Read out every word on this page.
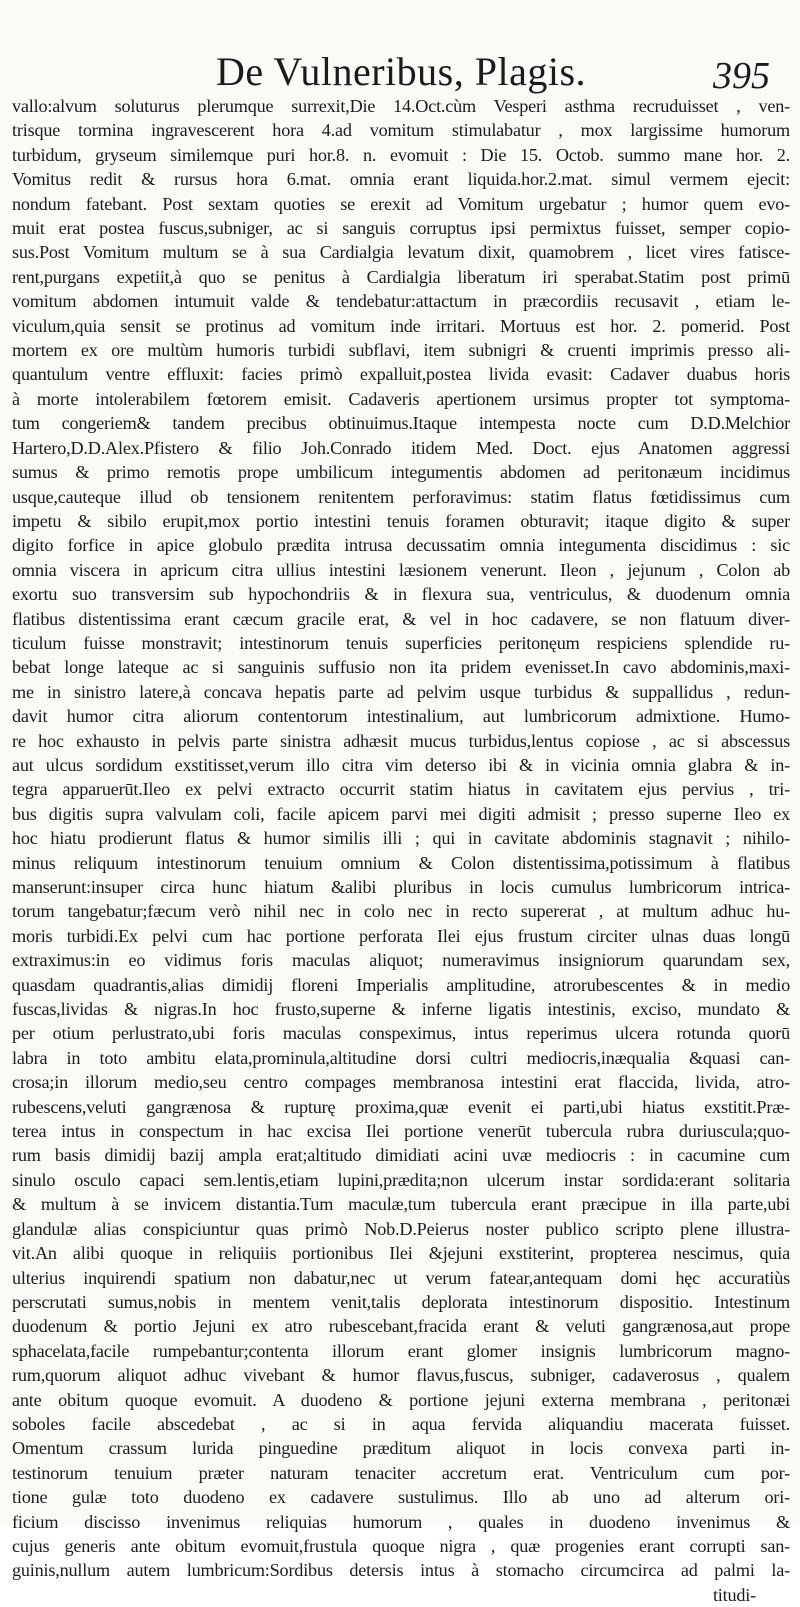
De Vulneribus, Plagis.	395
vallo:alvum soluturus plerumque surrexit,Die 14.Oct.cùm Vesperi asthma recruduisset , ven-
trisque tormina ingravescerent hora 4.ad vomitum stimulabatur , mox largissime humorum
turbidum, gryseum similemque puri hor.8. n. evomuit : Die 15. Octob. summo mane hor. 2.
Vomitus redit & rursus hora 6.mat. omnia erant liquida.hor.2.mat. simul vermem ejecit:
nondum fatebant. Post sextam quoties se erexit ad Vomitum urgebatur ; humor quem evo-
muit erat postea fuscus,subniger, ac si sanguis corruptus ipsi permixtus fuisset, semper copio-
sus.Post Vomitum multum se à sua Cardialgia levatum dixit, quamobrem , licet vires fatisce-
rent,purgans expetiit,à quo se penitus à Cardialgia liberatum iri sperabat.Statim post primū
vomitum abdomen intumuit valde & tendebatur:attactum in præcordiis recusavit , etiam le-
viculum,quia sensit se protinus ad vomitum inde irritari. Mortuus est hor. 2. pomerid. Post
mortem ex ore multùm humoris turbidi subflavi, item subnigri & cruenti imprimis presso ali-
quantulum ventre effluxit: facies primò expalluit,postea livida evasit: Cadaver duabus horis
à morte intolerabilem fœtorem emisit. Cadaveris apertionem ursimus propter tot symptoma-
tum congeriem& tandem precibus obtinuimus.Itaque intempesta nocte cum D.D.Melchior
Hartero,D.D.Alex.Pfistero & filio Joh.Conrado itidem Med. Doct. ejus Anatomen aggressi
sumus & primo remotis prope umbilicum integumentis abdomen ad peritonæum incidimus
usque,cauteque illud ob tensionem renitentem perforavimus: statim flatus fœtidissimus cum
impetu & sibilo erupit,mox portio intestini tenuis foramen obturavit; itaque digito & super
digito forfice in apice globulo prædita intrusa decussatim omnia integumenta discidimus : sic
omnia viscera in apricum citra ullius intestini læsionem venerunt. Ileon , jejunum , Colon ab
exortu suo transversim sub hypochondriis & in flexura sua, ventriculus, & duodenum omnia
flatibus distentissima erant cæcum gracile erat, & vel in hoc cadavere, se non flatuum diver-
ticulum fuisse monstravit; intestinorum tenuis superficies peritonęum respiciens splendide ru-
bebat longe lateque ac si sanguinis suffusio non ita pridem evenisset.In cavo abdominis,maxi-
me in sinistro latere,à concava hepatis parte ad pelvim usque turbidus & suppallidus , redun-
davit humor citra aliorum contentorum intestinalium, aut lumbricorum admixtione. Humo-
re hoc exhausto in pelvis parte sinistra adhæsit mucus turbidus,lentus copiose , ac si abscessus
aut ulcus sordidum exstitisset,verum illo citra vim deterso ibi & in vicinia omnia glabra & in-
tegra apparuerūt.Ileo ex pelvi extracto occurrit statim hiatus in cavitatem ejus pervius , tri-
bus digitis supra valvulam coli, facile apicem parvi mei digiti admisit ; presso superne Ileo ex
hoc hiatu prodierunt flatus & humor similis illi ; qui in cavitate abdominis stagnavit ; nihilo-
minus reliquum intestinorum tenuium omnium & Colon distentissima,potissimum à flatibus
manserunt:insuper circa hunc hiatum &alibi pluribus in locis cumulus lumbricorum intrica-
torum tangebatur;fæcum verò nihil nec in colo nec in recto supererat , at multum adhuc hu-
moris turbidi.Ex pelvi cum hac portione perforata Ilei ejus frustum circiter ulnas duas longū
extraximus:in eo vidimus foris maculas aliquot; numeravimus insigniorum quarundam sex,
quasdam quadrantis,alias dimidij floreni Imperialis amplitudine, atrorubescentes & in medio
fuscas,lividas & nigras.In hoc frusto,superne & inferne ligatis intestinis, exciso, mundato &
per otium perlustrato,ubi foris maculas conspeximus, intus reperimus ulcera rotunda quorū
labra in toto ambitu elata,prominula,altitudine dorsi cultri mediocris,inæqualia &quasi can-
crosa;in illorum medio,seu centro compages membranosa intestini erat flaccida, livida, atro-
rubescens,veluti gangrænosa & rupturę proxima,quæ evenit ei parti,ubi hiatus exstitit.Præ-
terea intus in conspectum in hac excisa Ilei portione venerūt tubercula rubra duriuscula;quo-
rum basis dimidij bazij ampla erat;altitudo dimidiati acini uvæ mediocris : in cacumine cum
sinulo osculo capaci sem.lentis,etiam lupini,prædita;non ulcerum instar sordida:erant solitaria
& multum à se invicem distantia.Tum maculæ,tum tubercula erant præcipue in illa parte,ubi
glandulæ alias conspiciuntur quas primò Nob.D.Peierus noster publico scripto plene illustra-
vit.An alibi quoque in reliquiis portionibus Ilei &jejuni exstiterint, propterea nescimus, quia
ulterius inquirendi spatium non dabatur,nec ut verum fatear,antequam domi hęc accuratiùs
perscrutati sumus,nobis in mentem venit,talis deplorata intestinorum dispositio. Intestinum
duodenum & portio Jejuni ex atro rubescebant,fracida erant & veluti gangrænosa,aut prope
sphacelata,facile rumpebantur;contenta illorum erant glomer insignis lumbricorum magno-
rum,quorum aliquot adhuc vivebant & humor flavus,fuscus, subniger, cadaverosus , qualem
ante obitum quoque evomuit. A duodeno & portione jejuni externa membrana , peritonæi
soboles facile abscedebat , ac si in aqua fervida aliquandiu macerata fuisset.
Omentum crassum lurida pinguedine præditum aliquot in locis convexa parti in-
testinorum tenuium præter naturam tenaciter accretum erat. Ventriculum cum por-
tione gulæ toto duodeno ex cadavere sustulimus. Illo ab uno ad alterum ori-
ficium discisso invenimus reliquias humorum , quales in duodeno invenimus &
cujus generis ante obitum evomuit,frustula quoque nigra , quæ progenies erant corrupti san-
guinis,nullum autem lumbricum:Sordibus detersis intus à stomacho circumcirca ad palmi la-
titudi-
